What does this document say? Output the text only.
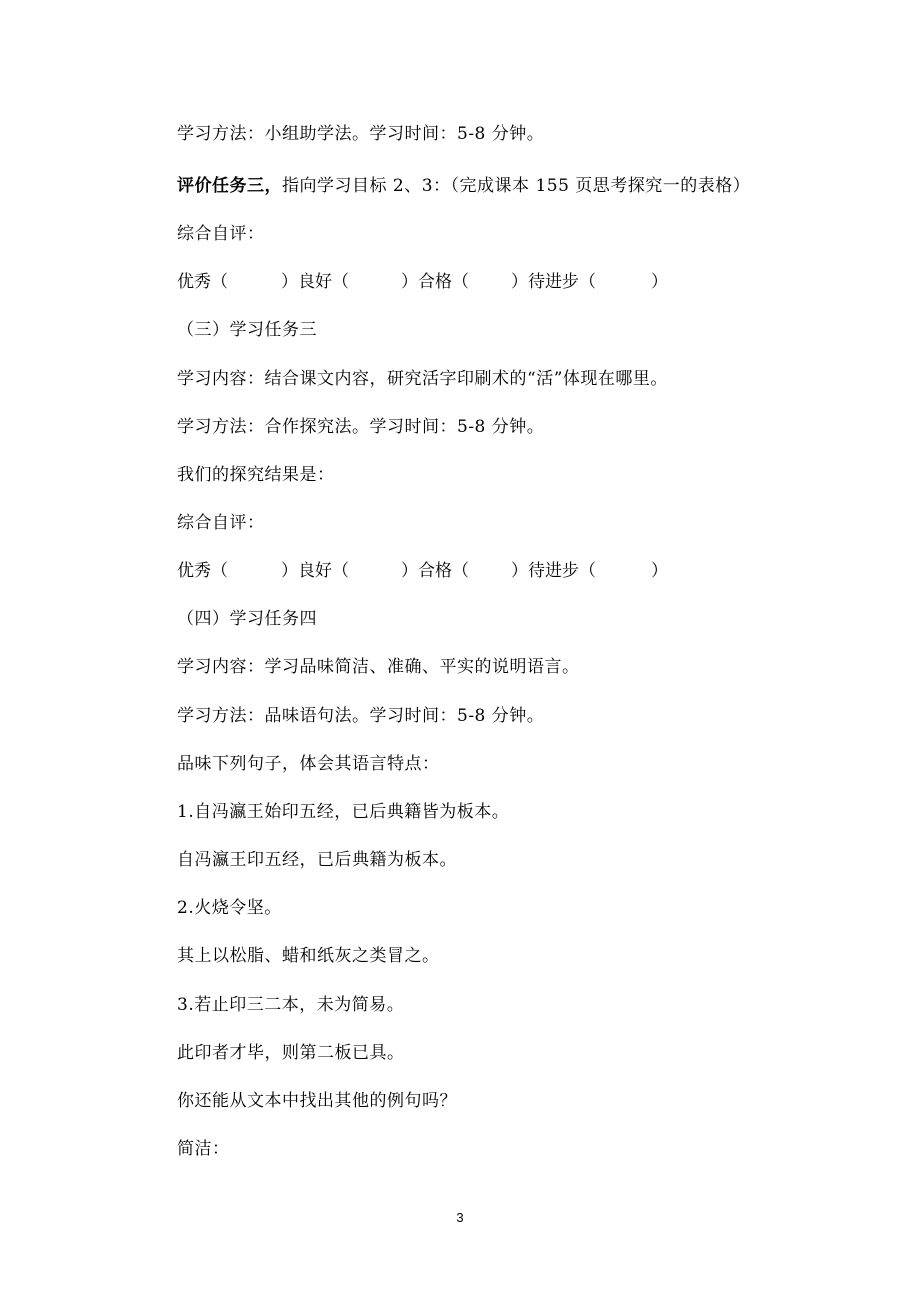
学习方法：小组助学法。学习时间：5-8 分钟。
评价任务三，指向学习目标 2、3：（完成课本 155 页思考探究一的表格）
综合自评：

优秀（

	）良好（

	）合格（

）待进步（

	）

（三）学习任务三
学习内容：结合课文内容，研究活字印刷术的“活”体现在哪里。
学习方法：合作探究法。学习时间：5-8 分钟。
我们的探究结果是：
综合自评：

优秀（

	）良好（

	）合格（

）待进步（

	）

（四）学习任务四
学习内容：学习品味简洁、准确、平实的说明语言。
学习方法：品味语句法。学习时间：5-8 分钟。
品味下列句子，体会其语言特点：
1.自冯瀛王始印五经，已后典籍皆为板本。
自冯瀛王印五经，已后典籍为板本。
2.火烧令坚。
其上以松脂、蜡和纸灰之类冒之。
3.若止印三二本，未为简易。
此印者才毕，则第二板已具。
你还能从文本中找出其他的例句吗？
简洁：
3
